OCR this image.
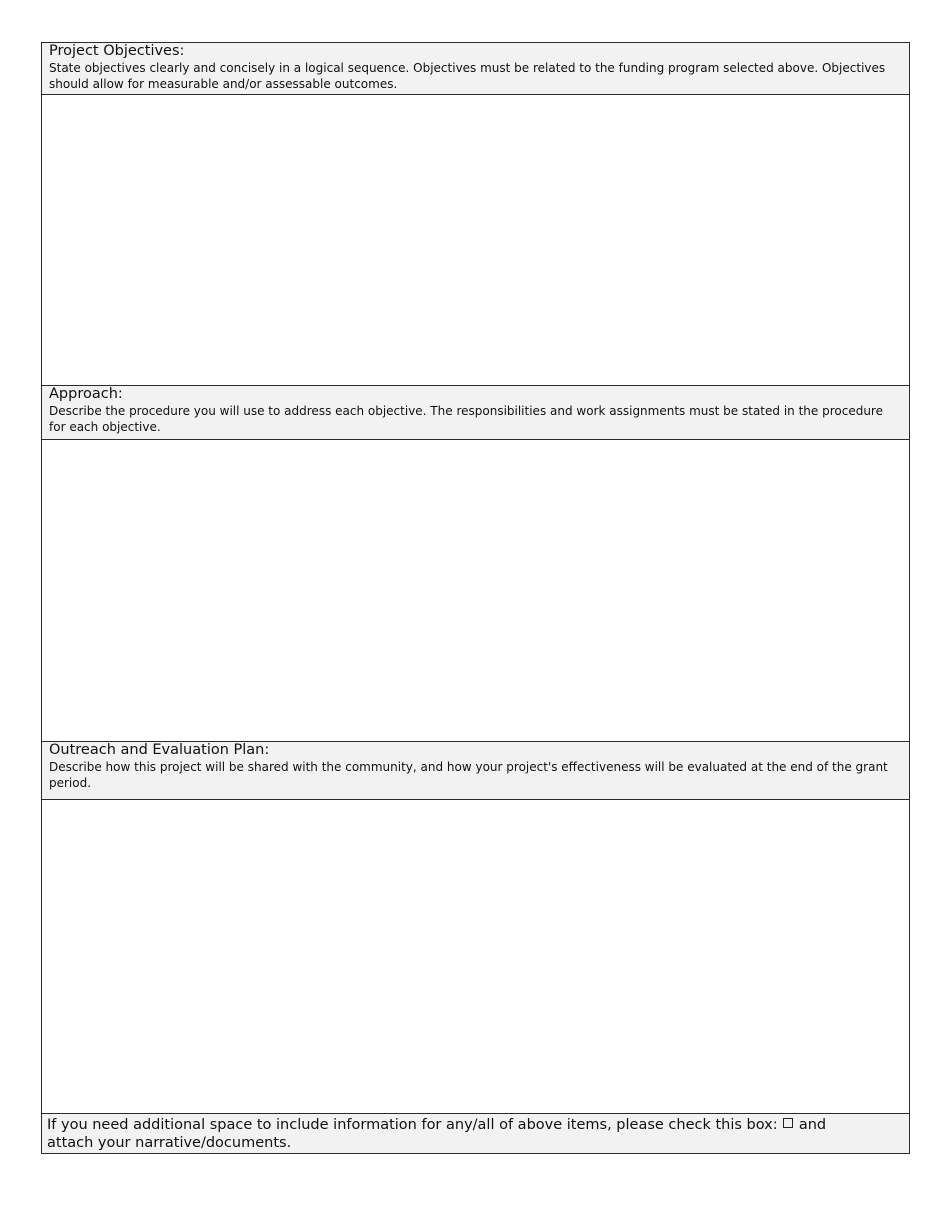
Project Objectives:
State objectives clearly and concisely in a logical sequence. Objectives must be related to the funding program selected above. Objectives should allow for measurable and/or assessable outcomes.
Approach:
Describe the procedure you will use to address each objective. The responsibilities and work assignments must be stated in the procedure for each objective.
Outreach and Evaluation Plan:
Describe how this project will be shared with the community, and how your project's effectiveness will be evaluated at the end of the grant period.
If you need additional space to include information for any/all of above items, please check this box: and attach your narrative/documents.
